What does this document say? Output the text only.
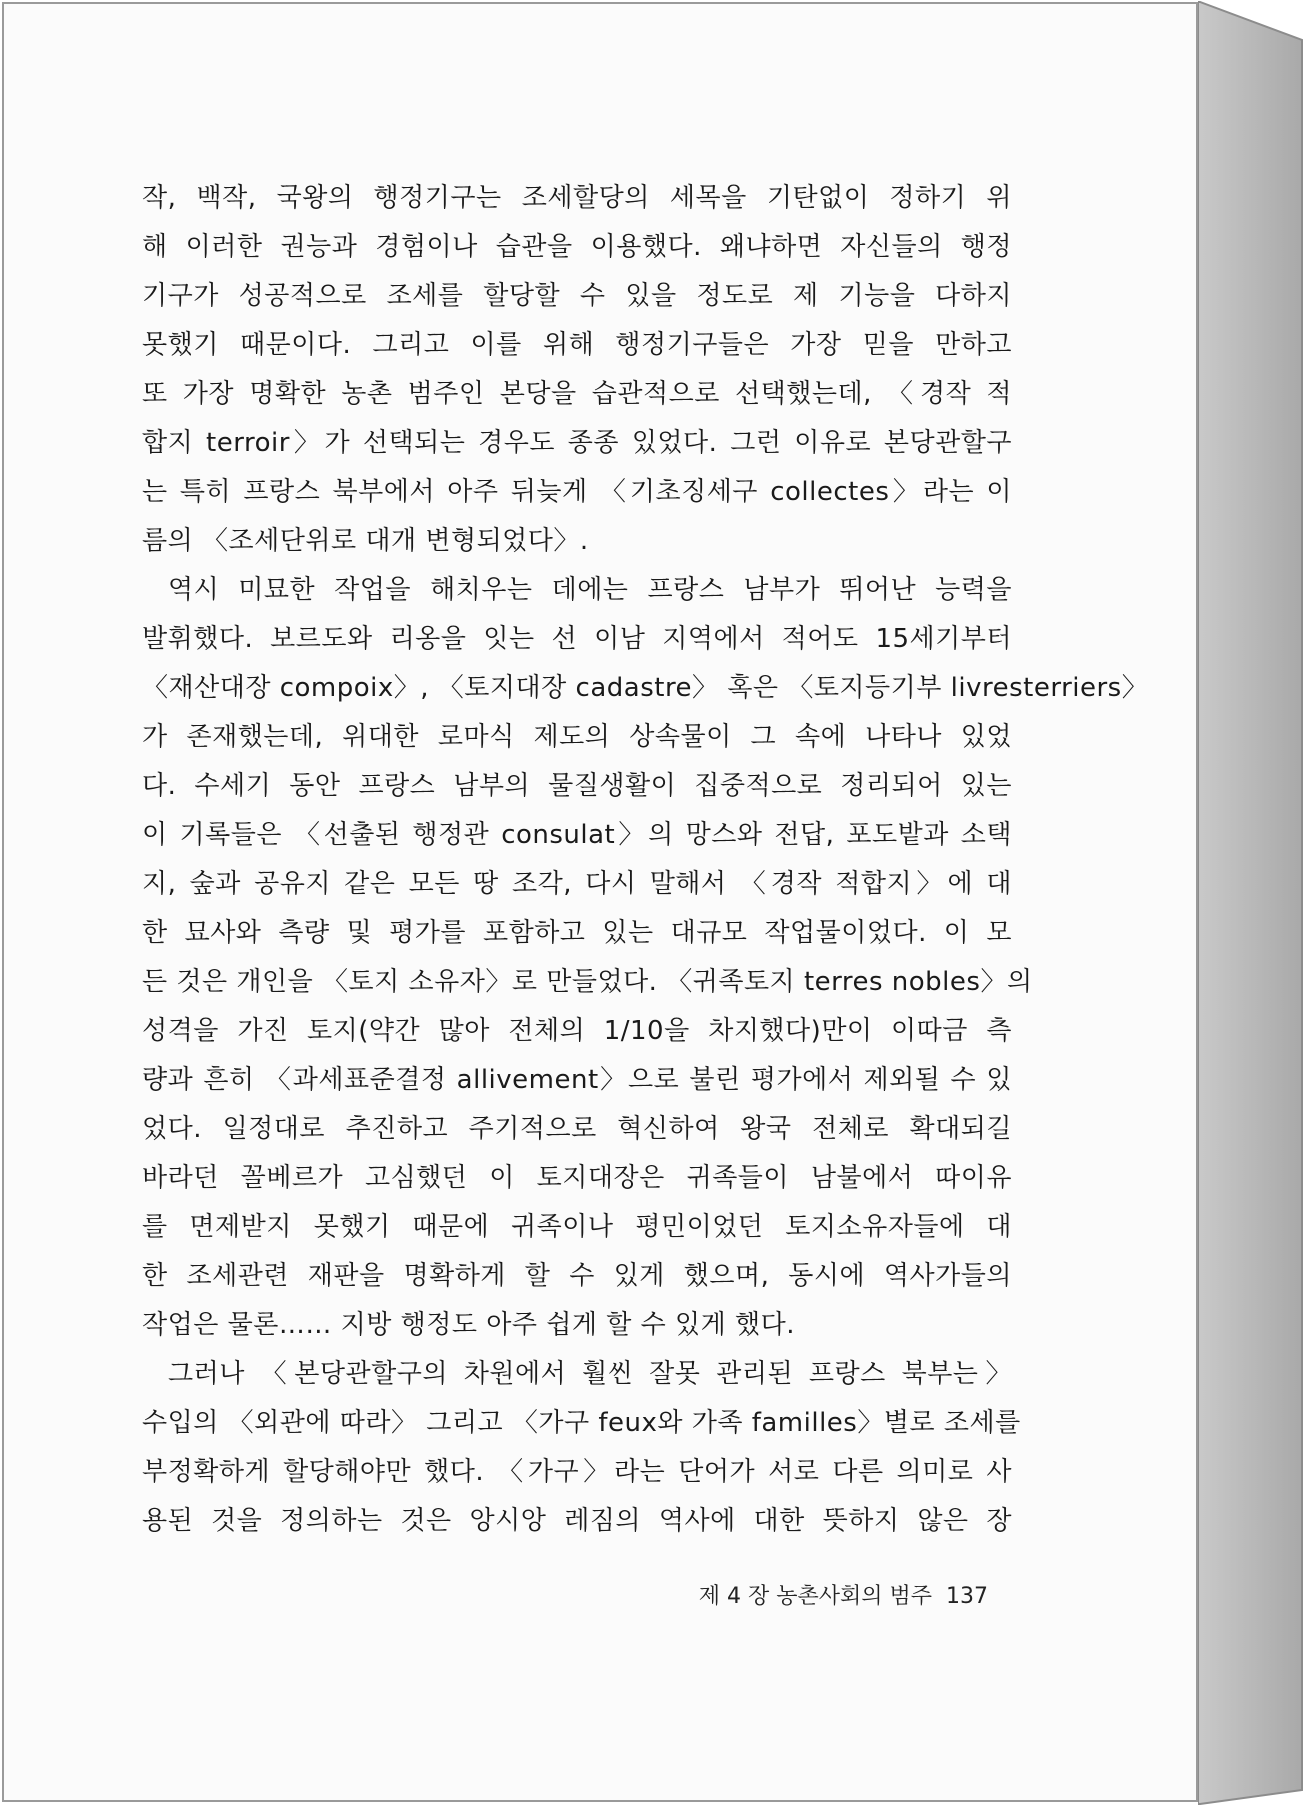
작, 백작, 국왕의 행정기구는 조세할당의 세목을 기탄없이 정하기 위
해 이러한 권능과 경험이나 습관을 이용했다. 왜냐하면 자신들의 행정
기구가 성공적으로 조세를 할당할 수 있을 정도로 제 기능을 다하지
못했기 때문이다. 그리고 이를 위해 행정기구들은 가장 믿을 만하고
또 가장 명확한 농촌 범주인 본당을 습관적으로 선택했는데, 〈경작 적
합지 terroir〉가 선택되는 경우도 종종 있었다. 그런 이유로 본당관할구
는 특히 프랑스 북부에서 아주 뒤늦게 〈기초징세구 collectes〉라는 이
름의 〈조세단위로 대개 변형되었다〉.
역시 미묘한 작업을 해치우는 데에는 프랑스 남부가 뛰어난 능력을
발휘했다. 보르도와 리옹을 잇는 선 이남 지역에서 적어도 15세기부터
〈재산대장 compoix〉, 〈토지대장 cadastre〉 혹은 〈토지등기부 livresterriers〉
가 존재했는데, 위대한 로마식 제도의 상속물이 그 속에 나타나 있었
다. 수세기 동안 프랑스 남부의 물질생활이 집중적으로 정리되어 있는
이 기록들은 〈선출된 행정관 consulat〉의 망스와 전답, 포도밭과 소택
지, 숲과 공유지 같은 모든 땅 조각, 다시 말해서 〈경작 적합지〉에 대
한 묘사와 측량 및 평가를 포함하고 있는 대규모 작업물이었다. 이 모
든 것은 개인을 〈토지 소유자〉로 만들었다. 〈귀족토지 terres nobles〉의
성격을 가진 토지(약간 많아 전체의 1/10을 차지했다)만이 이따금 측
량과 흔히 〈과세표준결정 allivement〉으로 불린 평가에서 제외될 수 있
었다. 일정대로 추진하고 주기적으로 혁신하여 왕국 전체로 확대되길
바라던 꼴베르가 고심했던 이 토지대장은 귀족들이 남불에서 따이유
를 면제받지 못했기 때문에 귀족이나 평민이었던 토지소유자들에 대
한 조세관련 재판을 명확하게 할 수 있게 했으며, 동시에 역사가들의
작업은 물론…… 지방 행정도 아주 쉽게 할 수 있게 했다.
그러나 〈본당관할구의 차원에서 훨씬 잘못 관리된 프랑스 북부는〉
수입의 〈외관에 따라〉 그리고 〈가구 feux와 가족 familles〉별로 조세를
부정확하게 할당해야만 했다. 〈가구〉라는 단어가 서로 다른 의미로 사
용된 것을 정의하는 것은 앙시앙 레짐의 역사에 대한 뜻하지 않은 장
제 4 장 농촌사회의 범주 137
